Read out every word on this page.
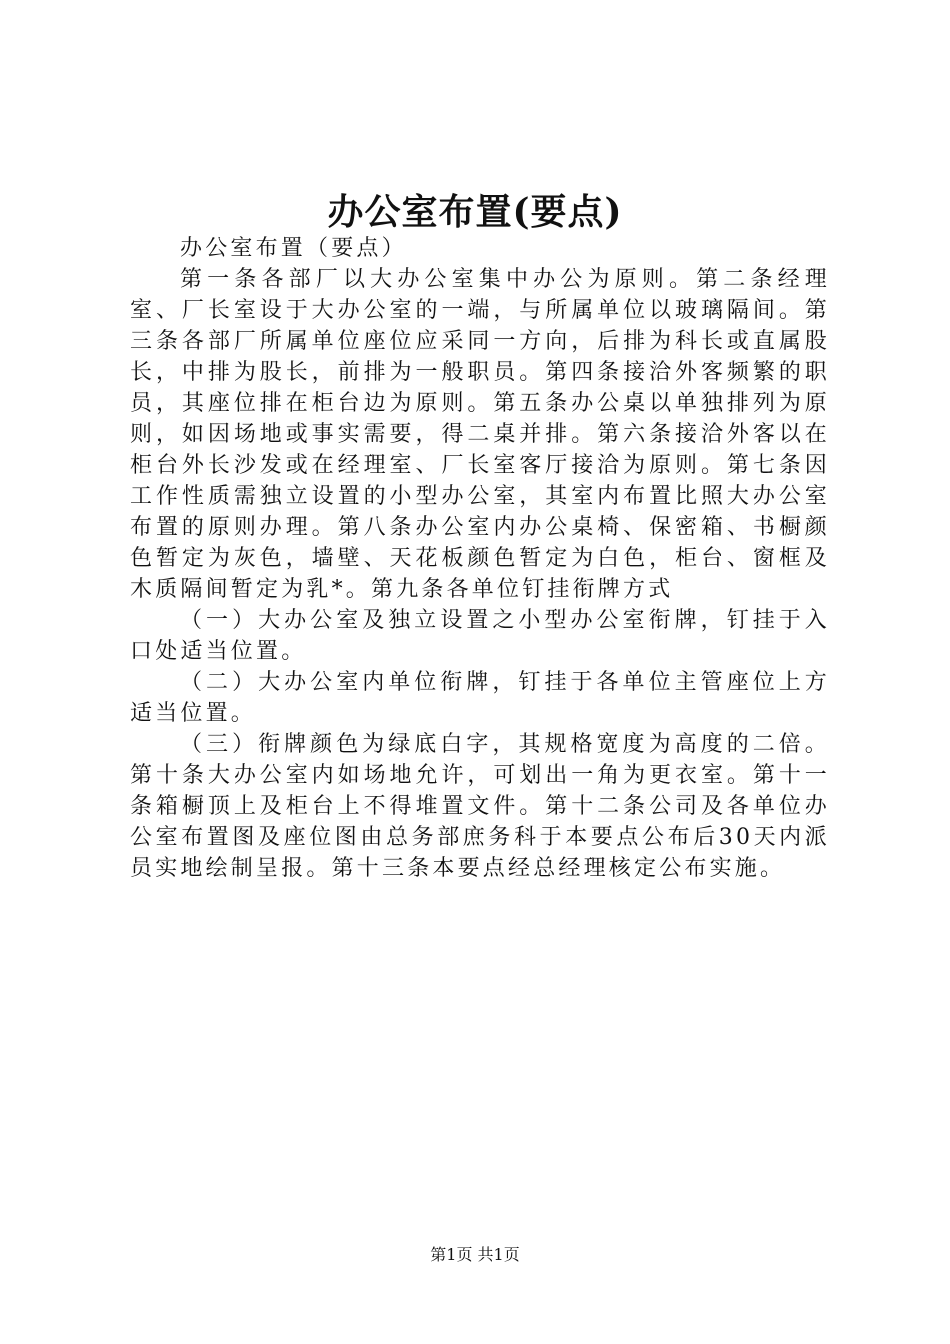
办公室布置(要点)

办公室布置（要点）

第一条各部厂以大办公室集中办公为原则。第二条经理室、厂长室设于大办公室的一端，与所属单位以玻璃隔间。第三条各部厂所属单位座位应采同一方向，后排为科长或直属股长，中排为股长，前排为一般职员。第四条接洽外客频繁的职员，其座位排在柜台边为原则。第五条办公桌以单独排列为原则，如因场地或事实需要，得二桌并排。第六条接洽外客以在柜台外长沙发或在经理室、厂长室客厅接洽为原则。第七条因工作性质需独立设置的小型办公室，其室内布置比照大办公室布置的原则办理。第八条办公室内办公桌椅、保密箱、书橱颜色暂定为灰色，墙壁、天花板颜色暂定为白色，柜台、窗框及木质隔间暂定为乳*。第九条各单位钉挂衔牌方式

（一）大办公室及独立设置之小型办公室衔牌，钉挂于入口处适当位置。

（二）大办公室内单位衔牌，钉挂于各单位主管座位上方适当位置。

（三）衔牌颜色为绿底白字，其规格宽度为高度的二倍。第十条大办公室内如场地允许，可划出一角为更衣室。第十一条箱橱顶上及柜台上不得堆置文件。第十二条公司及各单位办公室布置图及座位图由总务部庶务科于本要点公布后30天内派员实地绘制呈报。第十三条本要点经总经理核定公布实施。

第1页 共1页
